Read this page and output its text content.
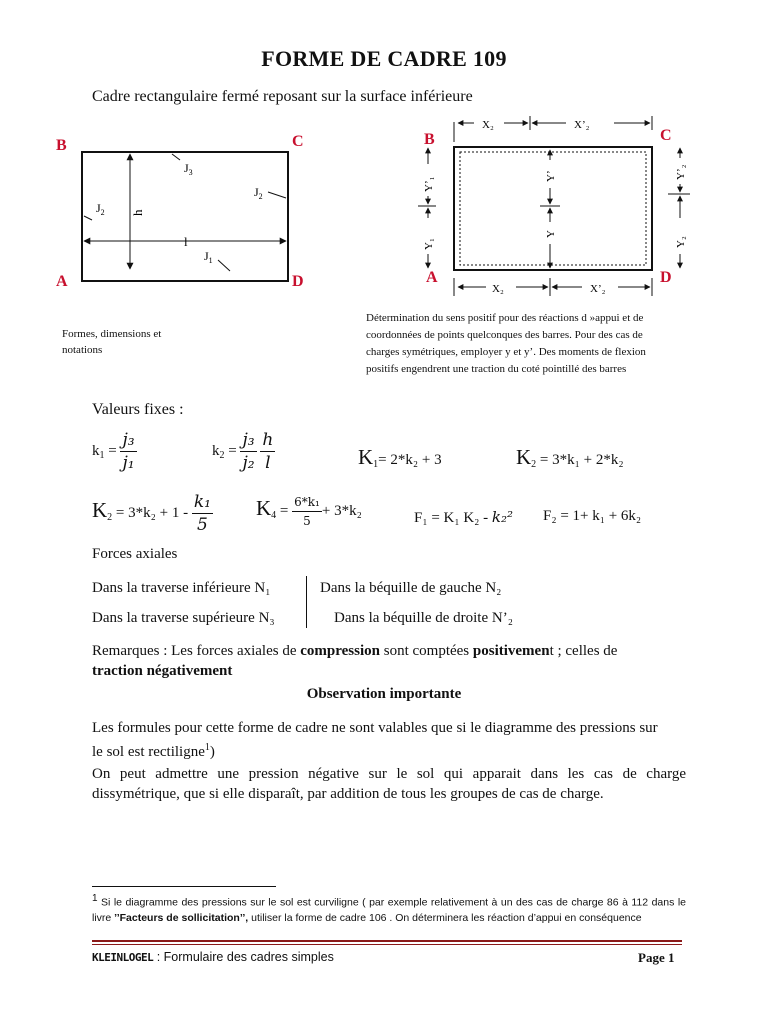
FORME DE CADRE 109
Cadre rectangulaire fermé reposant sur la surface inférieure
B	C
A	D
$J_3$
$J_2$
$J_2$
$J_1$
h
l
Formes, dimensions et
notations
X₂	X’₂
X₂	X’₂
Y’₁
Y₁
Y’
Y
Y’₂
Y₂
B	C
A	D
Détermination du sens positif pour des réactions d »appui et de
coordonnées de points quelconques des barres. Pour des cas de
charges symétriques, employer y et y’. Des moments de flexion
positifs engendrent une traction du coté pointillé des barres
Valeurs fixes :
$k_1 = \frac{\text{j₃}}{\text{j₁}}$	$k_2 = \frac{\text{j₃}}{\text{j₂}}$
$\frac{h}{l}$	$K_1= 2*k_2 + 3$	$K_2 = 3*k_1 + 2*k_2$
$K_2 = 3*k_2 + 1 - \frac{\text{k₁}}{5} K_4 = \frac{\text{6*k₁}}{5} + 3*k_2$	F₁ = K₁ K₂ - k₂² F₂ = 1+ k₁ + 6k₂
Forces axiales
Dans la traverse inférieure N₁	Dans la béquille de gauche N₂
Dans la traverse supérieure N₃	Dans la béquille de droite N’₂
Remarques : Les forces axiales de compression sont comptées positivement ; celles de
traction négativement
Observation importante
Les formules pour cette forme de cadre ne sont valables que si le diagramme des pressions sur
le sol est rectiligne$^1$)
On peut admettre une pression négative sur le sol qui apparait dans les cas de charge dissymétrique, que si elle disparaît, par addition de tous les groupes de cas de charge.
$^1$ Si le diagramme des pressions sur le sol est curviligne ( par exemple relativement à un des cas de charge 86 à 112 dans le livre ’’Facteurs de sollicitation’’, utiliser la forme de cadre 106 . On déterminera les réaction d’appui en conséquence
KLEINLOGEL : Formulaire des cadres simples	Page 1
